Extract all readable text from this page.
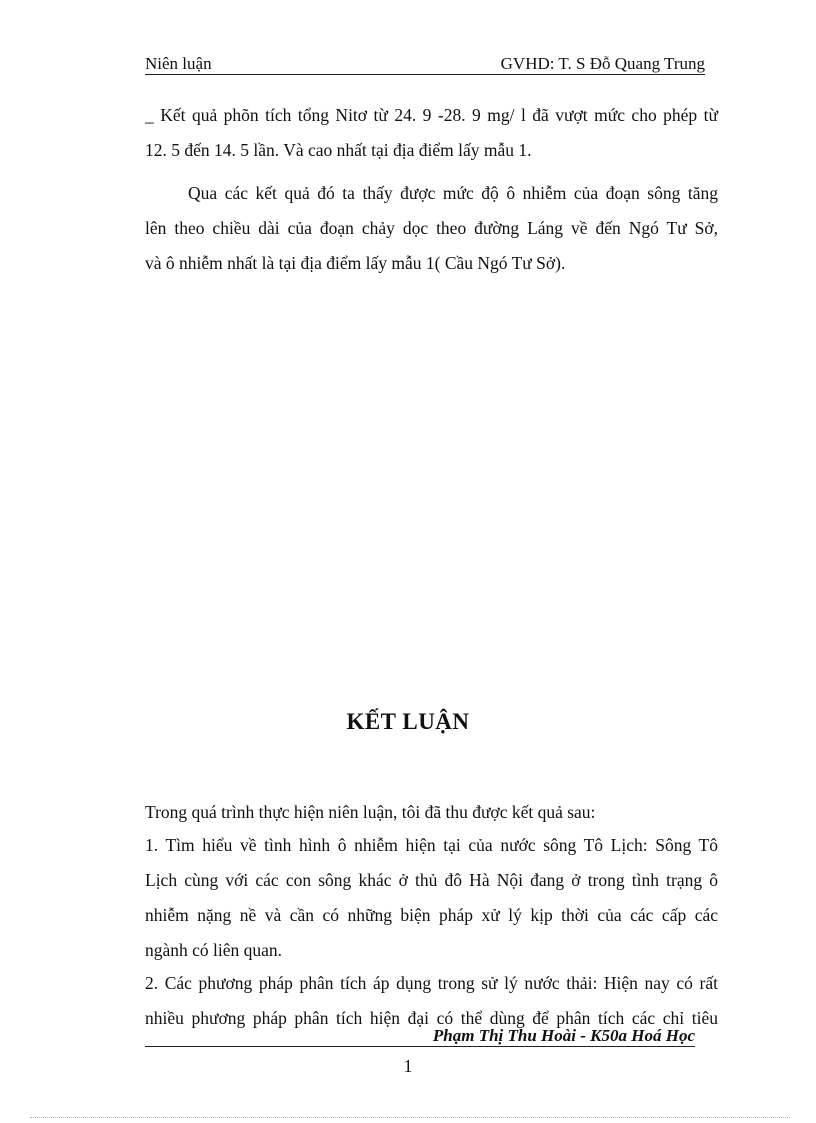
Niên luận	GVHD: T. S Đỗ Quang Trung
_ Kết quả phõn tích tổng Nitơ từ 24. 9 -28. 9 mg/ l đã vượt mức cho phép từ
12. 5 đến 14. 5 lần. Và cao nhất tại địa điểm lấy mẫu 1.
Qua các kết quả đó ta thấy được mức độ ô nhiễm của đoạn sông tăng
lên theo chiều dài của đoạn chảy dọc theo đường Láng về đến Ngó Tư Sở,
và ô nhiễm nhất là tại địa điểm lấy mẫu 1( Cầu Ngó Tư Sở).
KẾT LUẬN
Trong quá trình thực hiện niên luận, tôi đã thu được kết quả sau:
1. Tìm hiểu về tình hình ô nhiễm hiện tại của nước sông Tô Lịch: Sông Tô
Lịch cùng với các con sông khác ở thủ đô Hà Nội đang ở trong tình trạng ô
nhiễm nặng nề và cần có những biện pháp xử lý kịp thời của các cấp các
ngành có liên quan.
2. Các phương pháp phân tích áp dụng trong sử lý nước thải: Hiện nay có rất
nhiều phương pháp phân tích hiện đại có thể dùng để phân tích các chỉ tiêu
Phạm Thị Thu Hoài - K50a Hoá Học
1
